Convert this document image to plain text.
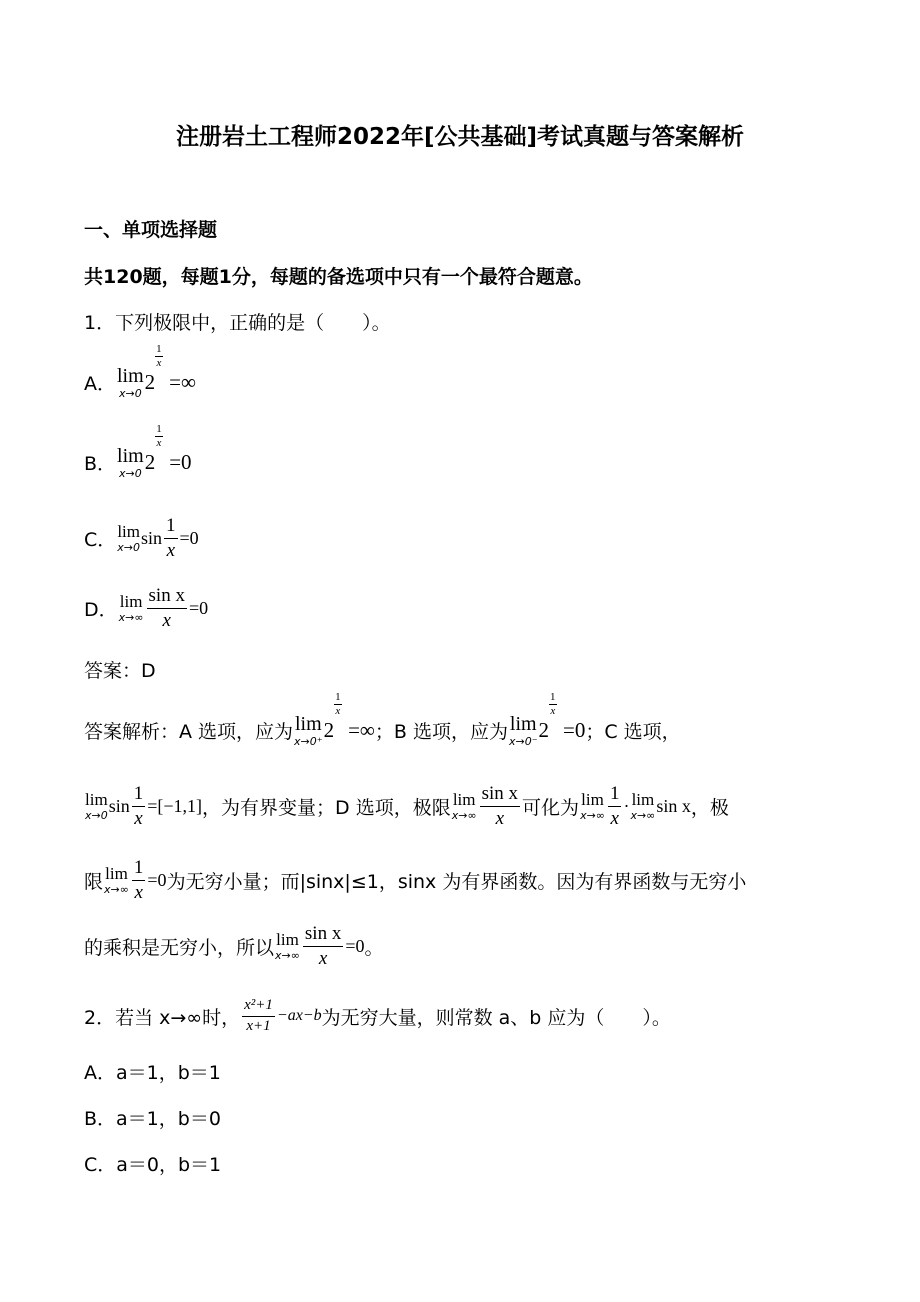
注册岩土工程师2022年[公共基础]考试真题与答案解析
一、单项选择题
共120题，每题1分，每题的备选项中只有一个最符合题意。
1．下列极限中，正确的是（　　）。
A． lim
x→0 2
$\frac{1}{x}$
=∞
B． lim
x→0 2
$\frac{1}{x}$
=0
C． lim
x→0 $\sin \frac{1}{x} =0$
D． lim
$x\to\infty \frac{\text{sin x}}{x} =0$
答案：D
答案解析：A 选项，应为 lim
x→0⁺ 2
$\frac{1}{x}$
=∞ ；B 选项，应为 lim
x→0⁻ 2
$\frac{1}{x}$
=0 ；C 选项，
lim
x→0 $\sin \frac{1}{x} =[-1,1]$ ，为有界变量；D 选项，极限 lim
$x\to\infty \frac{\text{sin x}}{x}$ 可化为 lim
$x\to\infty \frac{1}{x} \cdot \lim$
x→∞ sin x ，极
限 lim
$x\to\infty \frac{1}{x} =0$ 为无穷小量；而|sinx|≤1，sinx 为有界函数。因为有界函数与无穷小
的乘积是无穷小，所以 lim
$x\to\infty \frac{\text{sin x}}{x} =0$ 。
2．若当 x→∞时， $\frac{\text{x²+1}}{x+1} -ax-b$ 为无穷大量，则常数 a、b 应为（　　）。
A．a＝1，b＝1
B．a＝1，b＝0
C．a＝0，b＝1
